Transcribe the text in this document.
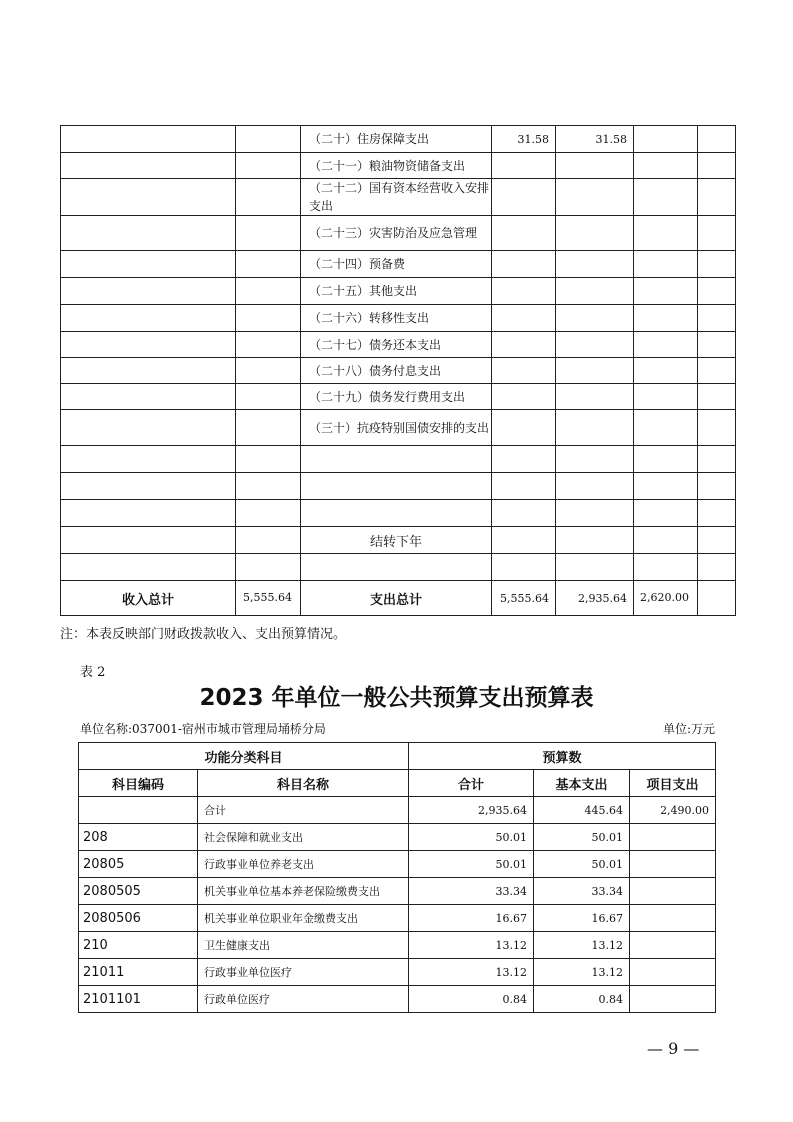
		（二十）住房保障支出	31.58	31.58		
		（二十一）粮油物资储备支出				
		（二十二）国有资本经营收入安排支出				
		（二十三）灾害防治及应急管理				
		（二十四）预备费				
		（二十五）其他支出				
		（二十六）转移性支出				
		（二十七）债务还本支出				
		（二十八）债务付息支出				
		（二十九）债务发行费用支出				
		（三十）抗疫特别国债安排的支出				

		结转下年				

收入总计	5,555.64	支出总计	5,555.64	2,935.64	2,620.00	
注：本表反映部门财政拨款收入、支出预算情况。
表 2
2023 年单位一般公共预算支出预算表
单位名称:037001-宿州市城市管理局埇桥分局	单位:万元
功能分类科目		预算数		
科目编码	科目名称	合计	基本支出	项目支出
	合计	2,935.64	445.64	2,490.00
208	社会保障和就业支出	50.01	50.01	
20805	行政事业单位养老支出	50.01	50.01	
2080505	机关事业单位基本养老保险缴费支出	33.34	33.34	
2080506	机关事业单位职业年金缴费支出	16.67	16.67	
210	卫生健康支出	13.12	13.12	
21011	行政事业单位医疗	13.12	13.12	
2101101	行政单位医疗	0.84	0.84	
— 9 —
